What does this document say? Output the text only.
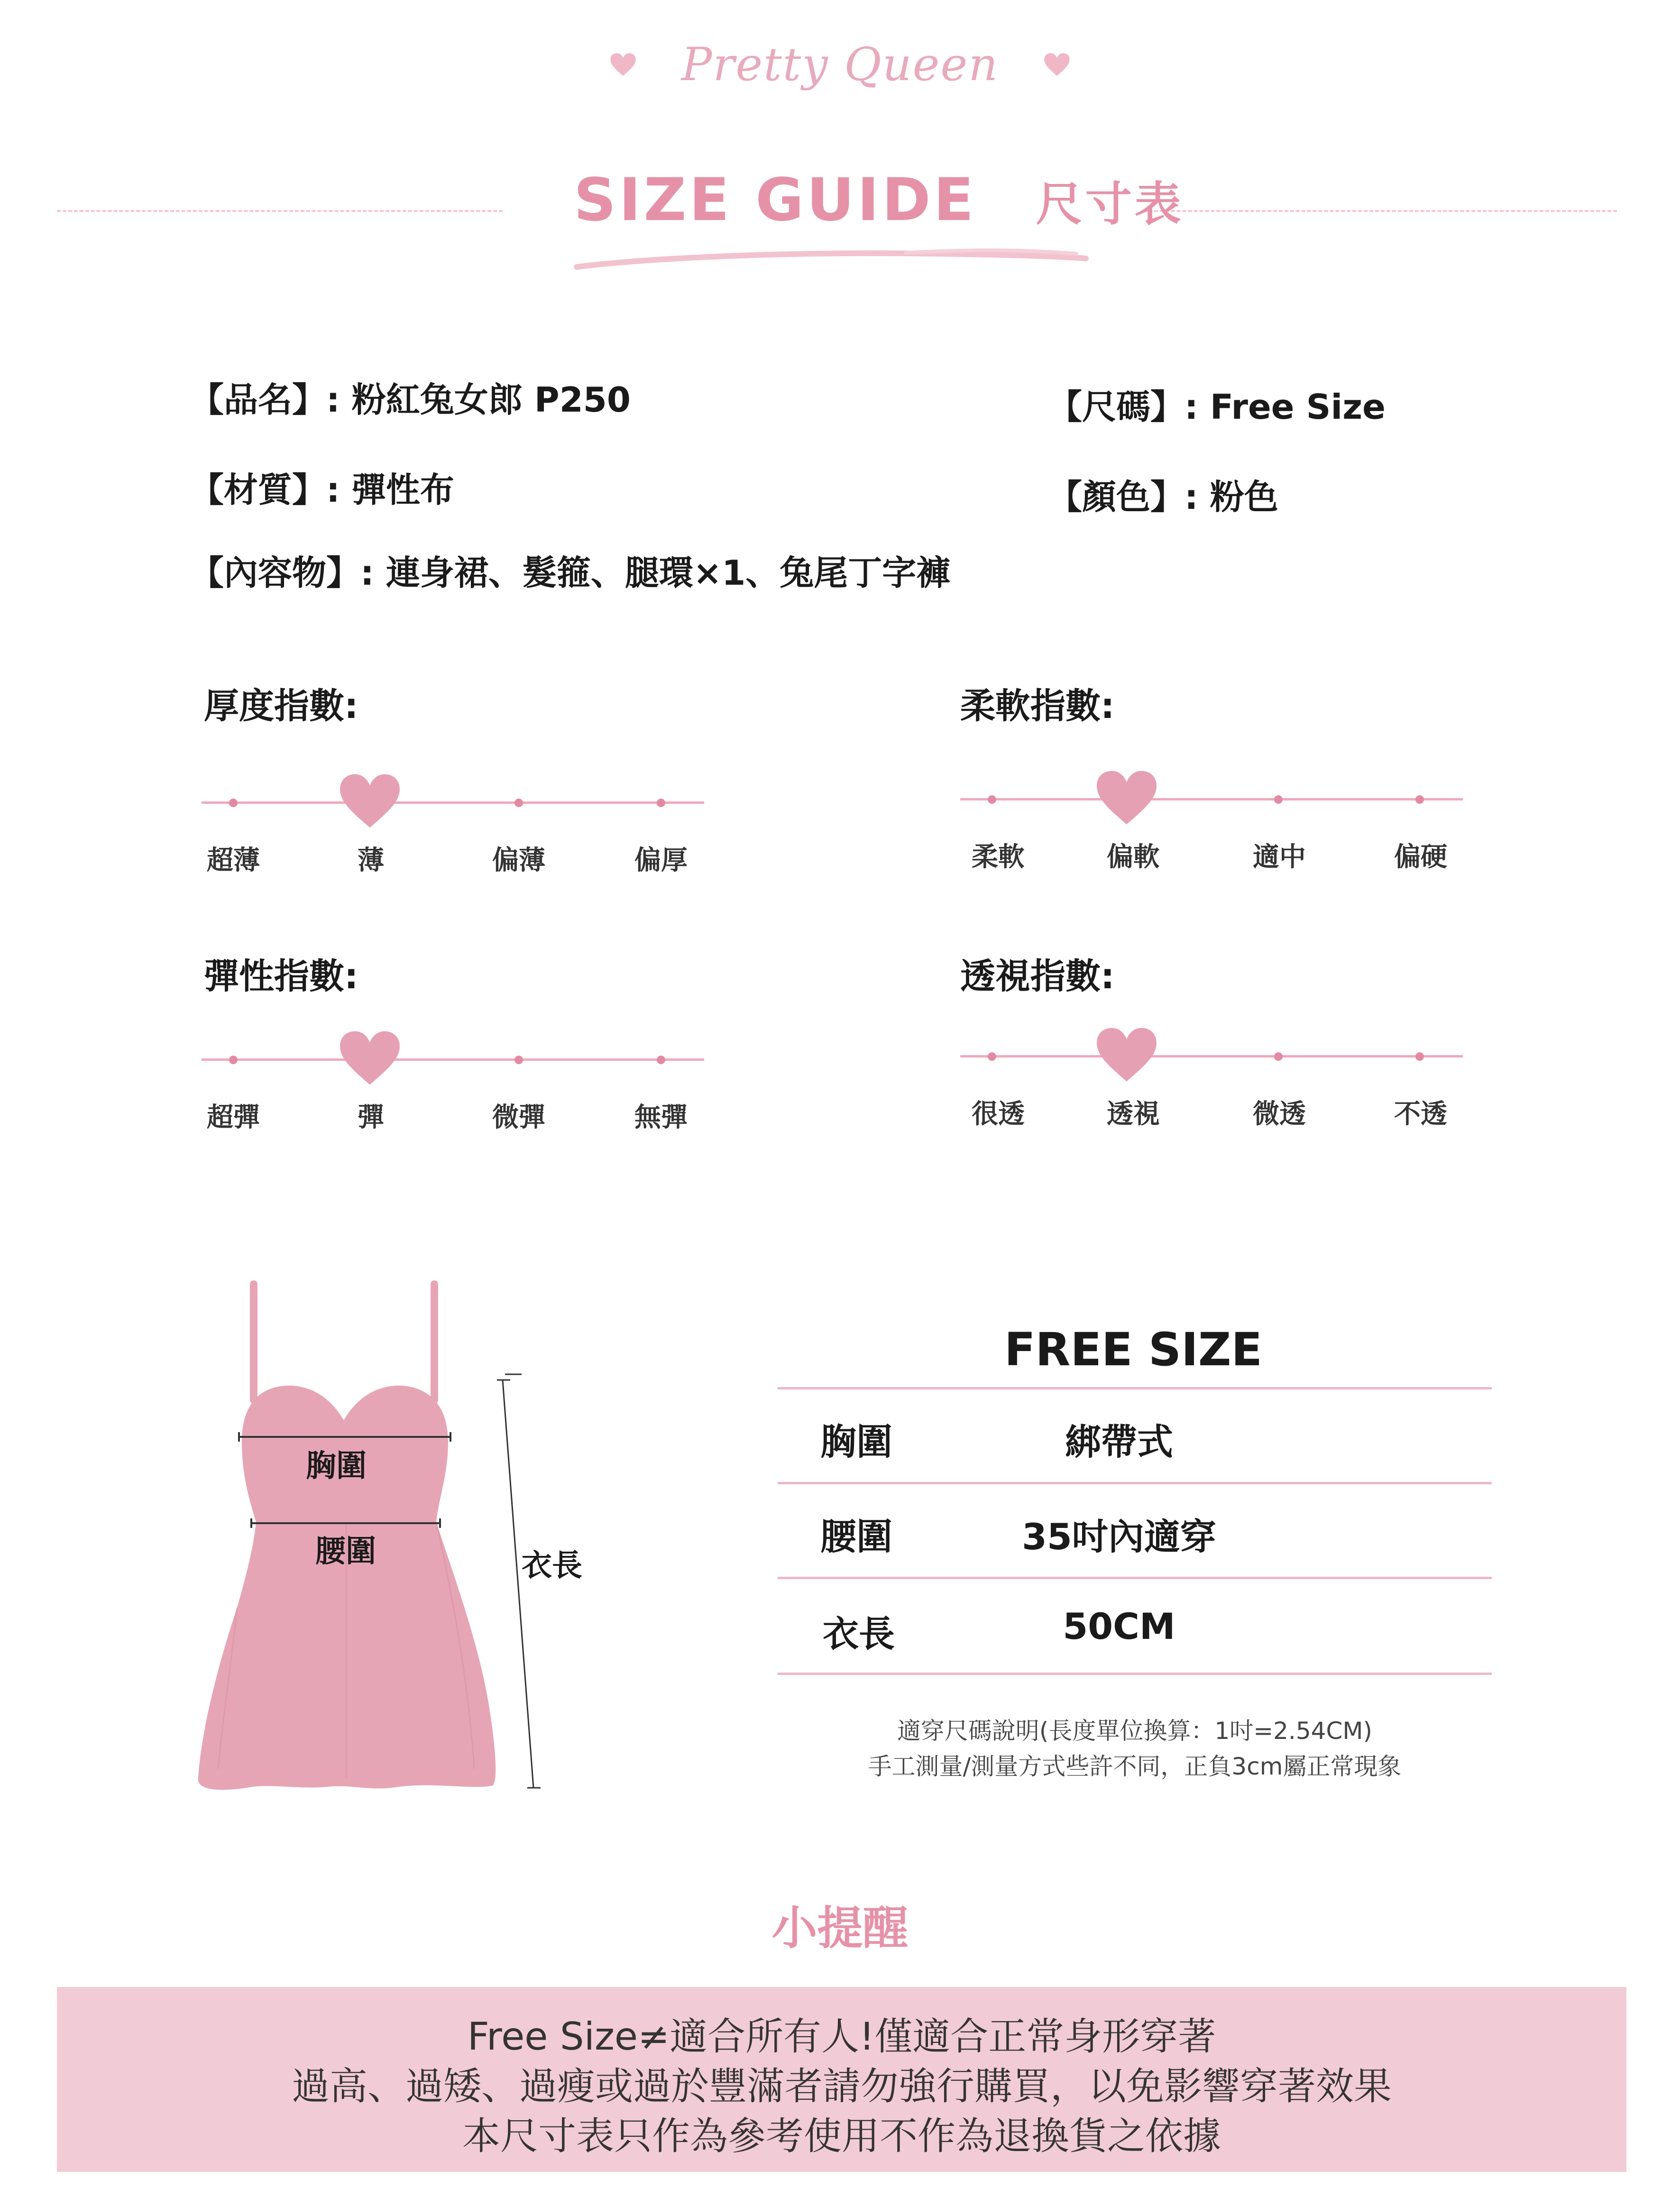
Pretty Queen
SIZE GUIDE 尺寸表
【品名】: 粉紅兔女郎 P250	【尺碼】: Free Size
【材質】: 彈性布	【顏色】: 粉色
【內容物】: 連身裙、髮箍、腿環×1、兔尾丁字褲
厚度指數:
超薄	薄	偏薄	偏厚
柔軟指數:
柔軟	偏軟	適中	偏硬
彈性指數:
超彈	彈	微彈	無彈
透視指數:
很透	透視	微透	不透
胸圍
腰圍	衣長
FREE SIZE
胸圍	綁帶式
腰圍	35吋內適穿
衣長	50CM
適穿尺碼說明(長度單位換算：1吋=2.54CM)
手工測量/測量方式些許不同，正負3cm屬正常現象
小提醒
Free Size≠適合所有人!僅適合正常身形穿著
過高、過矮、過瘦或過於豐滿者請勿強行購買，以免影響穿著效果
本尺寸表只作為參考使用不作為退換貨之依據
